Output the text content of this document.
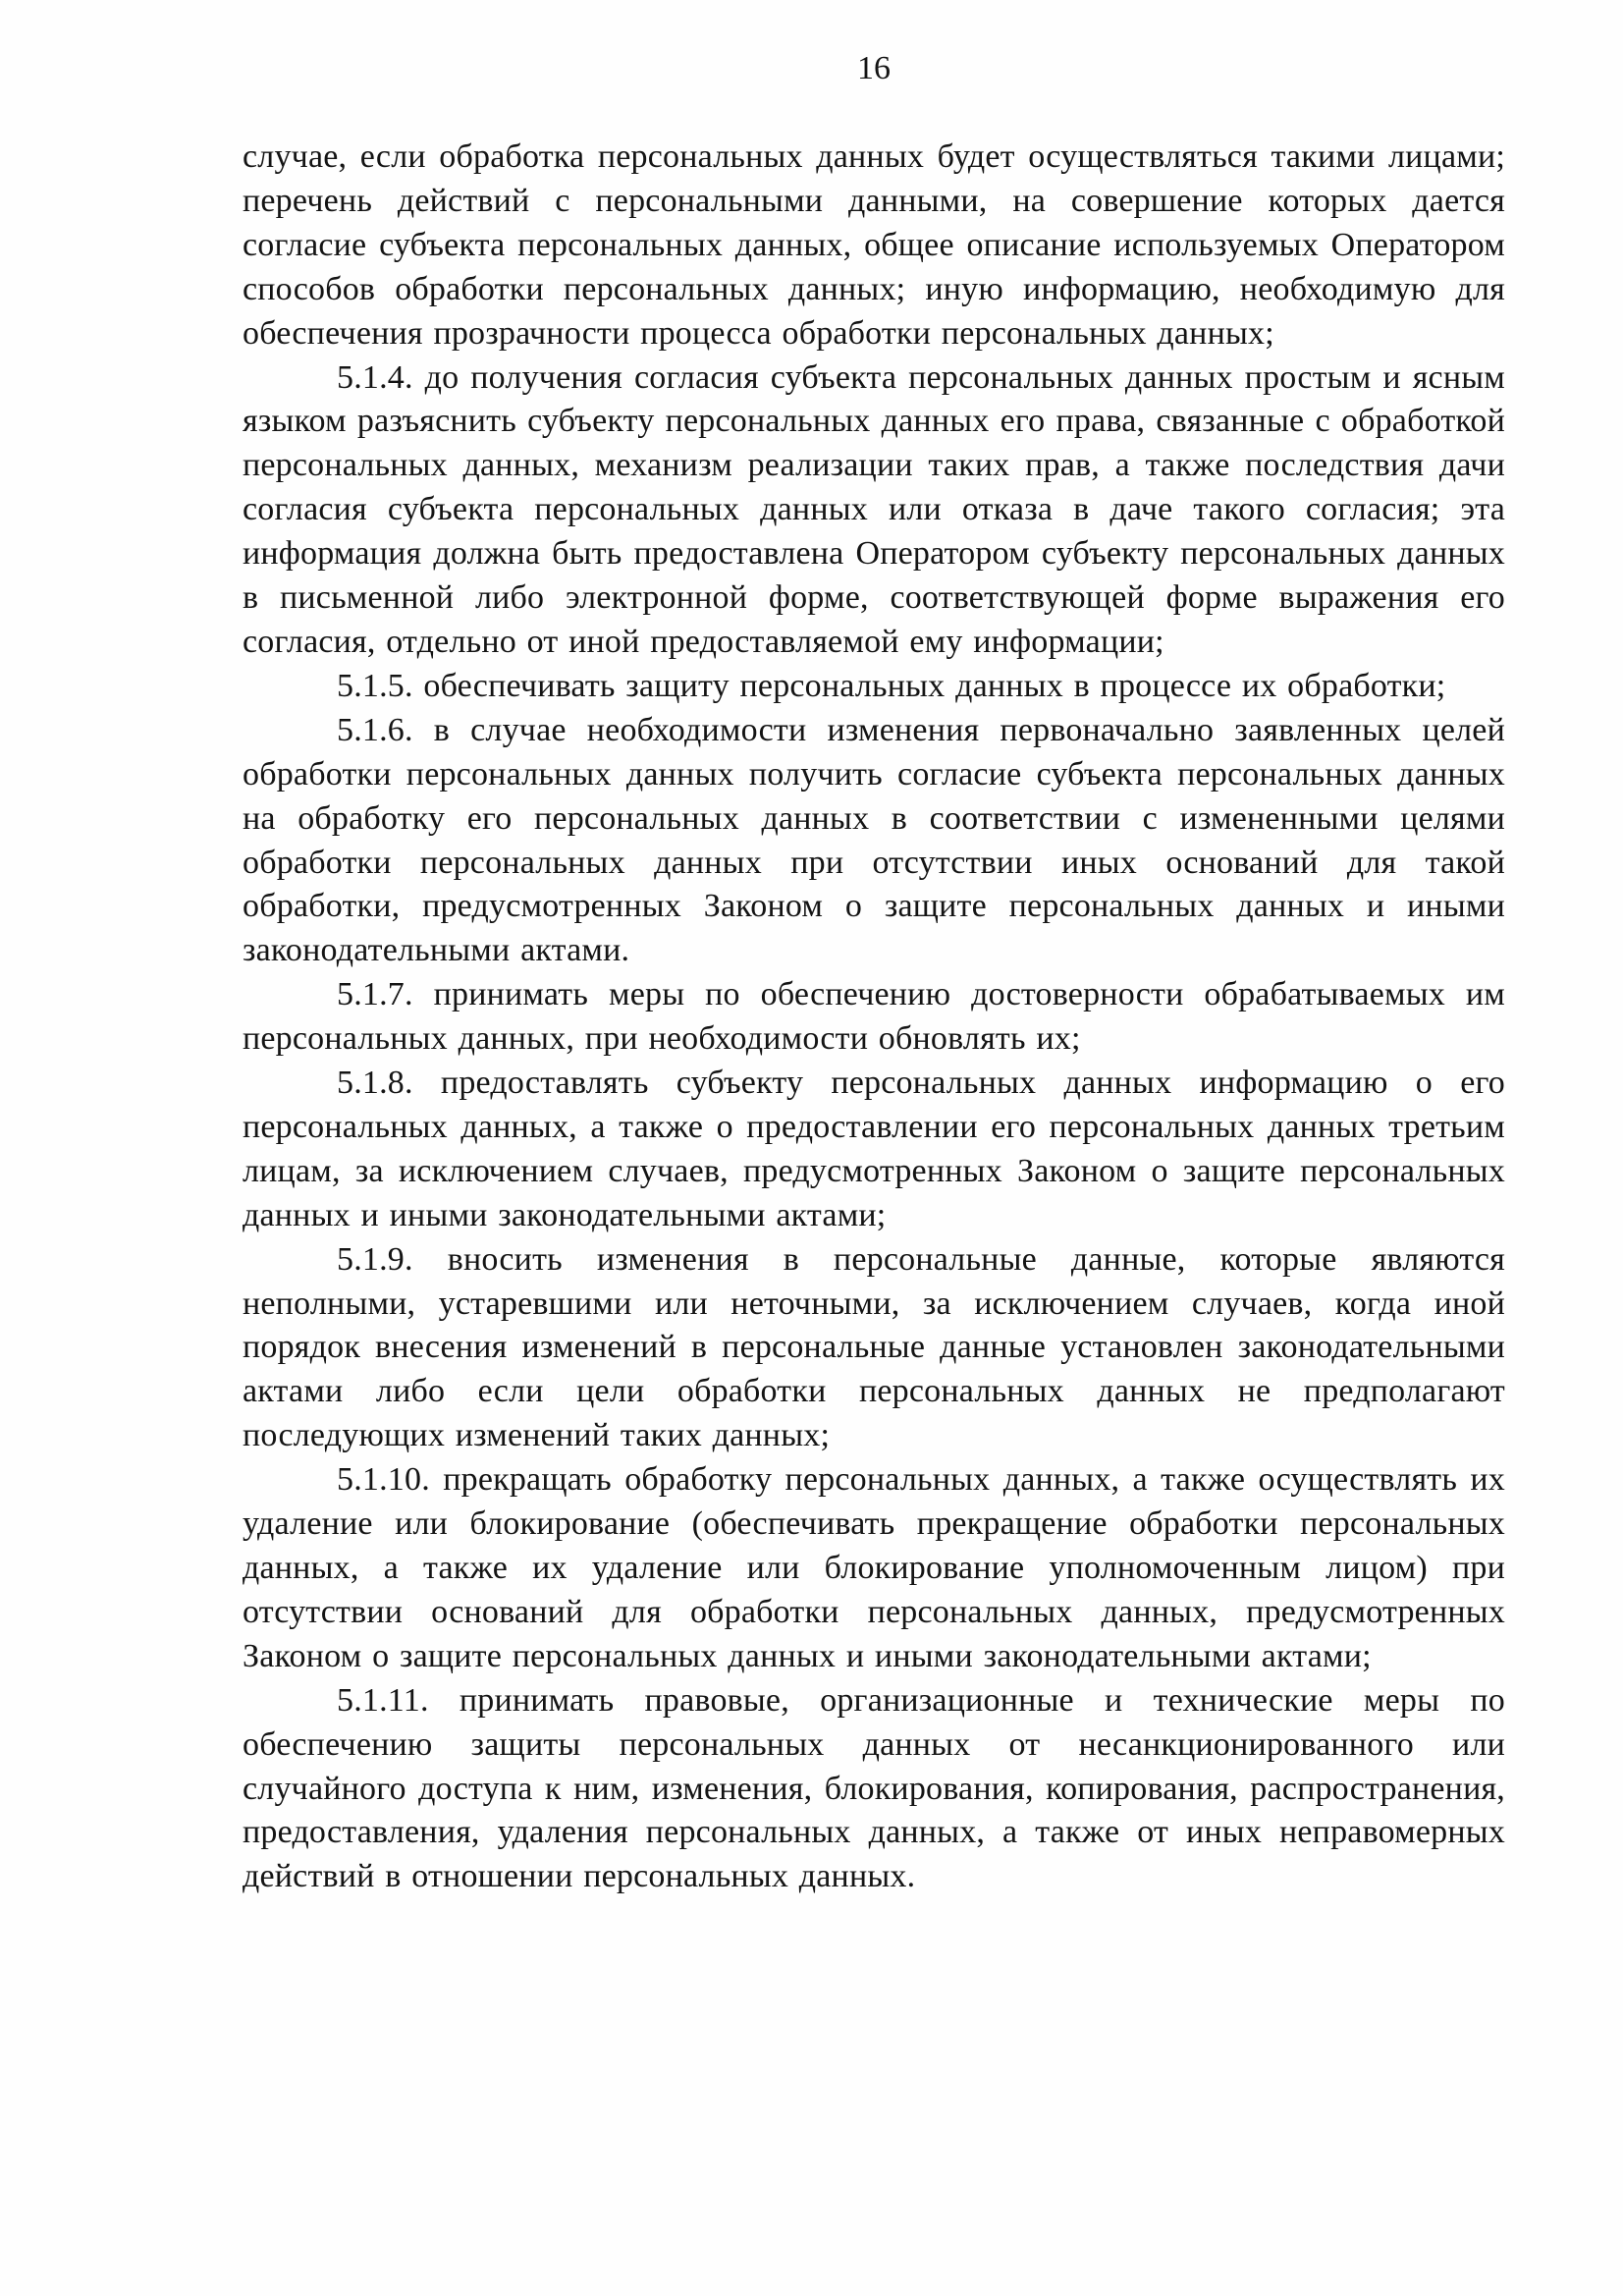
16

случае, если обработка персональных данных будет осуществляться такими лицами; перечень действий с персональными данными, на совершение которых дается согласие субъекта персональных данных, общее описание используемых Оператором способов обработки персональных данных; иную информацию, необходимую для обеспечения прозрачности процесса обработки персональных данных;

5.1.4. до получения согласия субъекта персональных данных простым и ясным языком разъяснить субъекту персональных данных его права, связанные с обработкой персональных данных, механизм реализации таких прав, а также последствия дачи согласия субъекта персональных данных или отказа в даче такого согласия; эта информация должна быть предоставлена Оператором субъекту персональных данных в письменной либо электронной форме, соответствующей форме выражения его согласия, отдельно от иной предоставляемой ему информации;

5.1.5. обеспечивать защиту персональных данных в процессе их обработки;

5.1.6. в случае необходимости изменения первоначально заявленных целей обработки персональных данных получить согласие субъекта персональных данных на обработку его персональных данных в соответствии с измененными целями обработки персональных данных при отсутствии иных оснований для такой обработки, предусмотренных Законом о защите персональных данных и иными законодательными актами.

5.1.7. принимать меры по обеспечению достоверности обрабатываемых им персональных данных, при необходимости обновлять их;

5.1.8. предоставлять субъекту персональных данных информацию о его персональных данных, а также о предоставлении его персональных данных третьим лицам, за исключением случаев, предусмотренных Законом о защите персональных данных и иными законодательными актами;

5.1.9. вносить изменения в персональные данные, которые являются неполными, устаревшими или неточными, за исключением случаев, когда иной порядок внесения изменений в персональные данные установлен законодательными актами либо если цели обработки персональных данных не предполагают последующих изменений таких данных;

5.1.10. прекращать обработку персональных данных, а также осуществлять их удаление или блокирование (обеспечивать прекращение обработки персональных данных, а также их удаление или блокирование уполномоченным лицом) при отсутствии оснований для обработки персональных данных, предусмотренных Законом о защите персональных данных и иными законодательными актами;

5.1.11. принимать правовые, организационные и технические меры по обеспечению защиты персональных данных от несанкционированного или случайного доступа к ним, изменения, блокирования, копирования, распространения, предоставления, удаления персональных данных, а также от иных неправомерных действий в отношении персональных данных.
